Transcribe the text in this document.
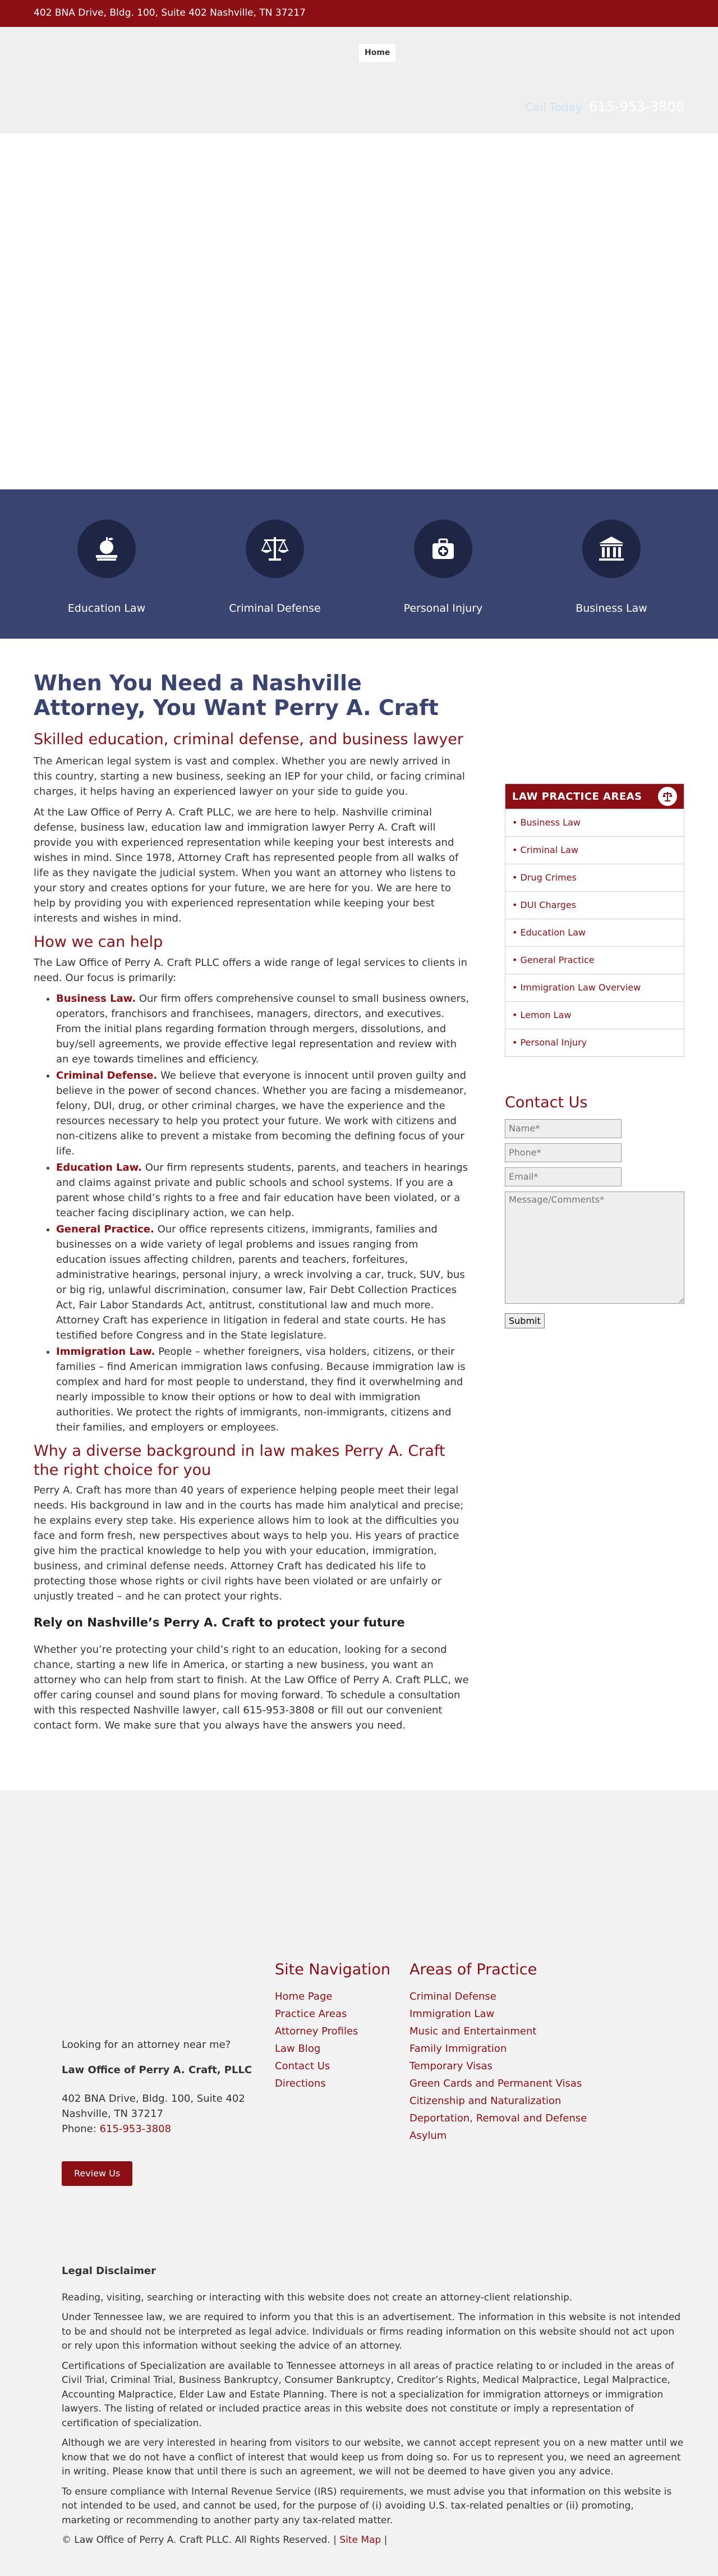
402 BNA Drive, Bldg. 100, Suite 402 Nashville, TN 37217
Home
Call Today 615-953-3808
Education Law	Criminal Defense	Personal Injury	Business Law
When You Need a Nashville Attorney, You Want Perry A. Craft
Skilled education, criminal defense, and business lawyer

The American legal system is vast and complex. Whether you are newly arrived in this country, starting a new business, seeking an IEP for your child, or facing criminal charges, it helps having an experienced lawyer on your side to guide you.

At the Law Office of Perry A. Craft PLLC, we are here to help. Nashville criminal defense, business law, education law and immigration lawyer Perry A. Craft will provide you with experienced representation while keeping your best interests and wishes in mind. Since 1978, Attorney Craft has represented people from all walks of life as they navigate the judicial system. When you want an attorney who listens to your story and creates options for your future, we are here for you. We are here to help by providing you with experienced representation while keeping your best interests and wishes in mind.

How we can help

The Law Office of Perry A. Craft PLLC offers a wide range of legal services to clients in need. Our focus is primarily:

• Business Law. Our firm offers comprehensive counsel to small business owners, operators, franchisors and franchisees, managers, directors, and executives. From the initial plans regarding formation through mergers, dissolutions, and buy/sell agreements, we provide effective legal representation and review with an eye towards timelines and efficiency.
• Criminal Defense. We believe that everyone is innocent until proven guilty and believe in the power of second chances. Whether you are facing a misdemeanor, felony, DUI, drug, or other criminal charges, we have the experience and the resources necessary to help you protect your future. We work with citizens and non-citizens alike to prevent a mistake from becoming the defining focus of your life.
• Education Law. Our firm represents students, parents, and teachers in hearings and claims against private and public schools and school systems. If you are a parent whose child’s rights to a free and fair education have been violated, or a teacher facing disciplinary action, we can help.
• General Practice. Our office represents citizens, immigrants, families and businesses on a wide variety of legal problems and issues ranging from education issues affecting children, parents and teachers, forfeitures, administrative hearings, personal injury, a wreck involving a car, truck, SUV, bus or big rig, unlawful discrimination, consumer law, Fair Debt Collection Practices Act, Fair Labor Standards Act, antitrust, constitutional law and much more. Attorney Craft has experience in litigation in federal and state courts. He has testified before Congress and in the State legislature.
• Immigration Law. People – whether foreigners, visa holders, citizens, or their families – find American immigration laws confusing. Because immigration law is complex and hard for most people to understand, they find it overwhelming and nearly impossible to know their options or how to deal with immigration authorities. We protect the rights of immigrants, non-immigrants, citizens and their families, and employers or employees.
Why a diverse background in law makes Perry A. Craft the right choice for you

Perry A. Craft has more than 40 years of experience helping people meet their legal needs. His background in law and in the courts has made him analytical and precise; he explains every step take. His experience allows him to look at the difficulties you face and form fresh, new perspectives about ways to help you. His years of practice give him the practical knowledge to help you with your education, immigration, business, and criminal defense needs. Attorney Craft has dedicated his life to protecting those whose rights or civil rights have been violated or are unfairly or unjustly treated – and he can protect your rights.

Rely on Nashville’s Perry A. Craft to protect your future

Whether you’re protecting your child’s right to an education, looking for a second chance, starting a new life in America, or starting a new business, you want an attorney who can help from start to finish. At the Law Office of Perry A. Craft PLLC, we offer caring counsel and sound plans for moving forward. To schedule a consultation with this respected Nashville lawyer, call 615-953-3808 or fill out our convenient contact form. We make sure that you always have the answers you need.

LAW PRACTICE AREAS
• Business Law
• Criminal Law
• Drug Crimes
• DUI Charges
• Education Law
• General Practice
• Immigration Law Overview
• Lemon Law
• Personal Injury
Contact Us
Name*
Phone*
Email*
Message/Comments* Submit
Looking for an attorney near me?
Law Office of Perry A. Craft, PLLC
402 BNA Drive, Bldg. 100, Suite 402
Nashville, TN 37217
Phone: 615-953-3808
Review Us
Site Navigation
Home Page
Practice Areas
Attorney Profiles
Law Blog
Contact Us
Directions
Areas of Practice
Criminal Defense
Immigration Law
Music and Entertainment
Family Immigration
Temporary Visas
Green Cards and Permanent Visas
Citizenship and Naturalization
Deportation, Removal and Defense
Asylum
Legal Disclaimer

Reading, visiting, searching or interacting with this website does not create an attorney-client relationship.

Under Tennessee law, we are required to inform you that this is an advertisement. The information in this website is not intended to be and should not be interpreted as legal advice. Individuals or firms reading information on this website should not act upon or rely upon this information without seeking the advice of an attorney.

Certifications of Specialization are available to Tennessee attorneys in all areas of practice relating to or included in the areas of Civil Trial, Criminal Trial, Business Bankruptcy, Consumer Bankruptcy, Creditor’s Rights, Medical Malpractice, Legal Malpractice, Accounting Malpractice, Elder Law and Estate Planning. There is not a specialization for immigration attorneys or immigration lawyers. The listing of related or included practice areas in this website does not constitute or imply a representation of certification of specialization.

Although we are very interested in hearing from visitors to our website, we cannot accept represent you on a new matter until we know that we do not have a conflict of interest that would keep us from doing so. For us to represent you, we need an agreement in writing. Please know that until there is such an agreement, we will not be deemed to have given you any advice.

To ensure compliance with Internal Revenue Service (IRS) requirements, we must advise you that information on this website is not intended to be used, and cannot be used, for the purpose of (i) avoiding U.S. tax-related penalties or (ii) promoting, marketing or recommending to another party any tax-related matter.

© Law Office of Perry A. Craft PLLC. All Rights Reserved. | Site Map |
